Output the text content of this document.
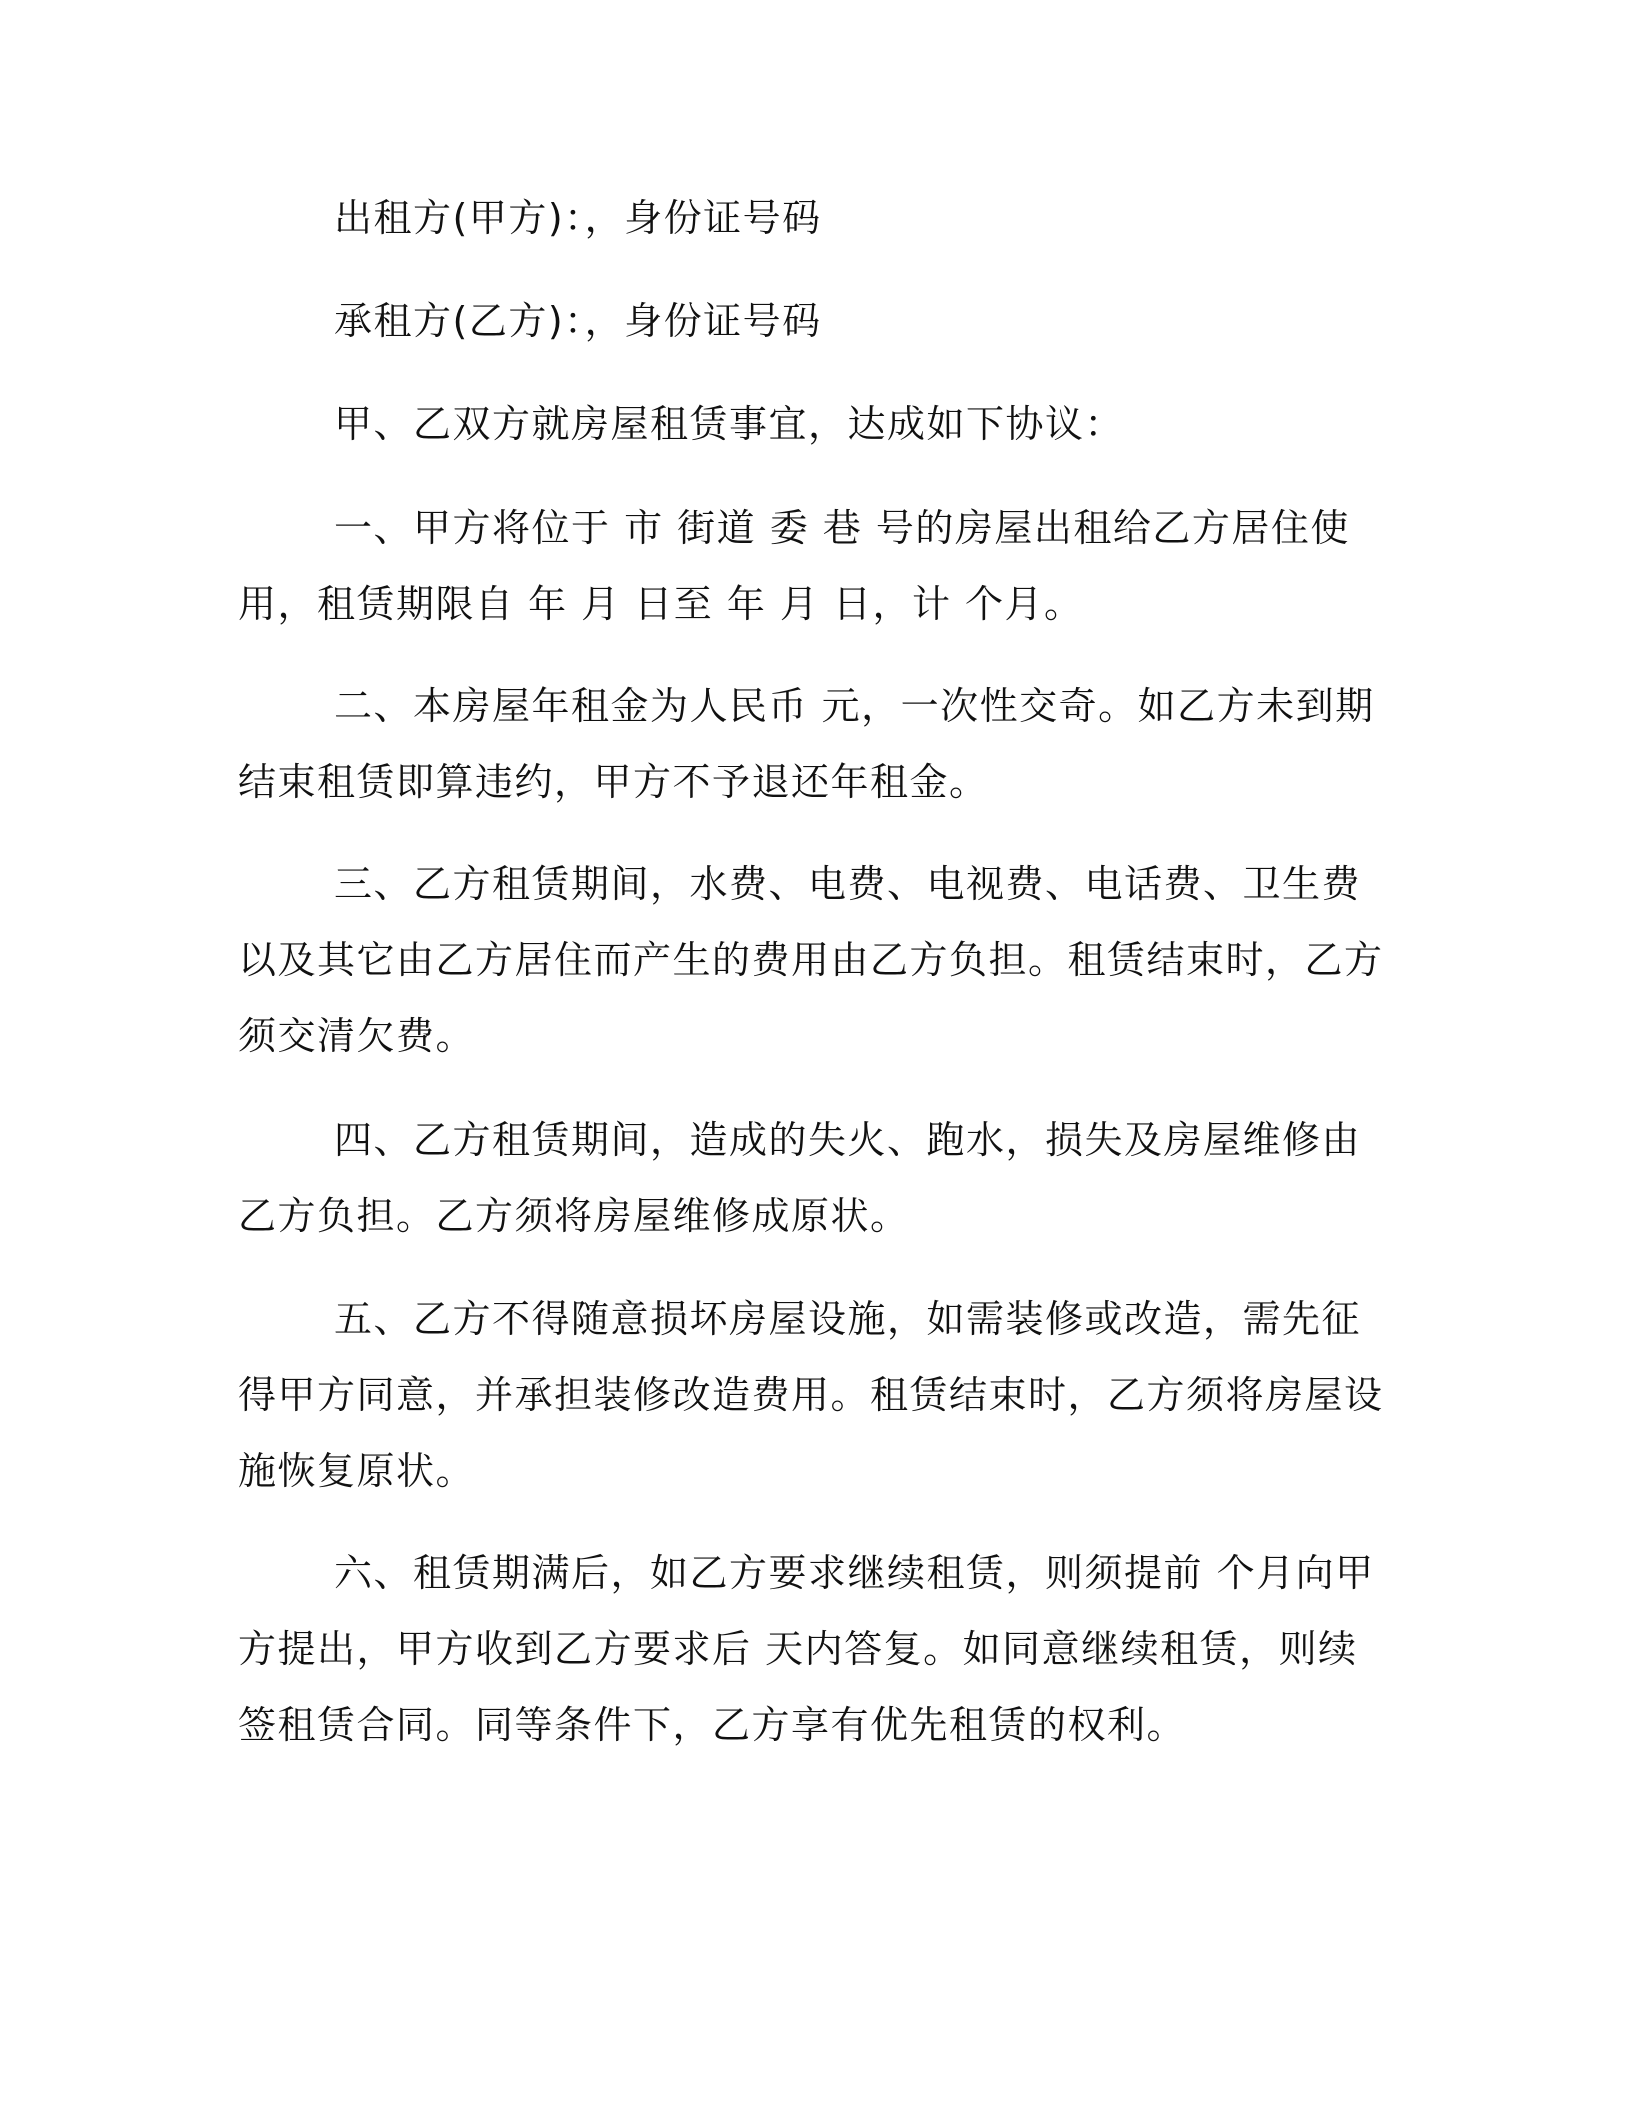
出租方(甲方)：，身份证号码

承租方(乙方)：，身份证号码

甲、乙双方就房屋租赁事宜，达成如下协议：

一、甲方将位于 市 街道 委 巷 号的房屋出租给乙方居住使用，租赁期限自 年 月 日至 年 月 日，计 个月。

二、本房屋年租金为人民币 元，一次性交奇。如乙方未到期结束租赁即算违约，甲方不予退还年租金。

三、乙方租赁期间，水费、电费、电视费、电话费、卫生费以及其它由乙方居住而产生的费用由乙方负担。租赁结束时，乙方须交清欠费。

四、乙方租赁期间，造成的失火、跑水，损失及房屋维修由乙方负担。乙方须将房屋维修成原状。

五、乙方不得随意损坏房屋设施，如需装修或改造，需先征得甲方同意，并承担装修改造费用。租赁结束时，乙方须将房屋设施恢复原状。

六、租赁期满后，如乙方要求继续租赁，则须提前 个月向甲方提出，甲方收到乙方要求后 天内答复。如同意继续租赁，则续签租赁合同。同等条件下，乙方享有优先租赁的权利。
